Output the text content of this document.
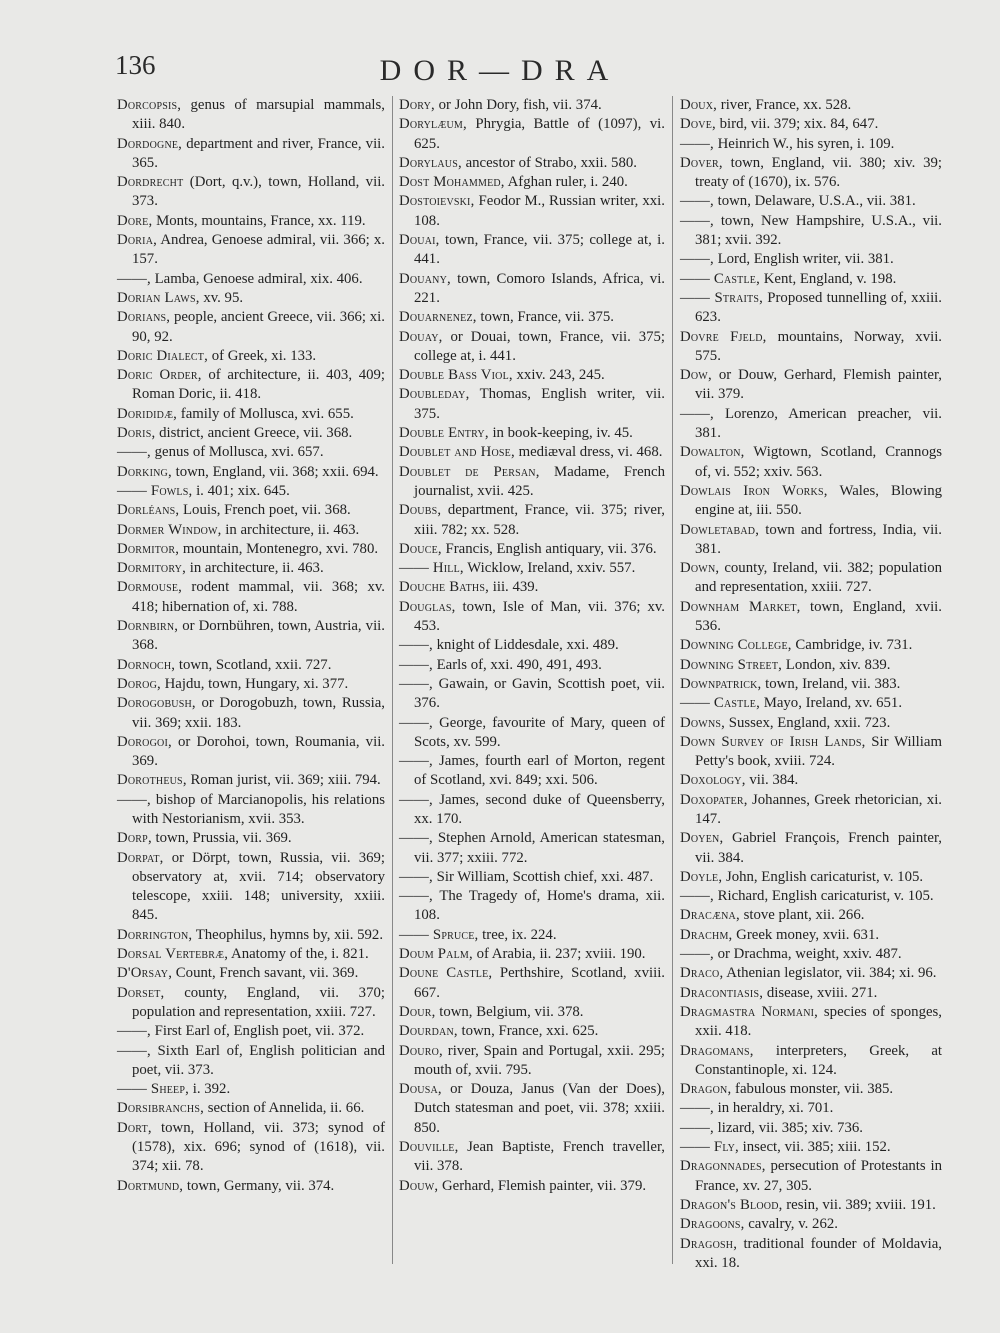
136	DOR—DRA

Dorcopsis, genus of marsupial mammals, xiii. 840.

Dordogne, department and river, France, vii. 365.

Dordrecht (Dort, q.v.), town, Holland, vii. 373.

Dore, Monts, mountains, France, xx. 119.

Doria, Andrea, Genoese admiral, vii. 366; x. 157.

——, Lamba, Genoese admiral, xix. 406.

Dorian Laws, xv. 95.

Dorians, people, ancient Greece, vii. 366; xi. 90, 92.

Doric Dialect, of Greek, xi. 133.

Doric Order, of architecture, ii. 403, 409; Roman Doric, ii. 418.

Dorididæ, family of Mollusca, xvi. 655.

Doris, district, ancient Greece, vii. 368.

——, genus of Mollusca, xvi. 657.

Dorking, town, England, vii. 368; xxii. 694.

—— Fowls, i. 401; xix. 645.

Dorléans, Louis, French poet, vii. 368.

Dormer Window, in architecture, ii. 463.

Dormitor, mountain, Montenegro, xvi. 780.

Dormitory, in architecture, ii. 463.

Dormouse, rodent mammal, vii. 368; xv. 418; hibernation of, xi. 788.

Dornbirn, or Dornbühren, town, Austria, vii. 368.

Dornoch, town, Scotland, xxii. 727.

Dorog, Hajdu, town, Hungary, xi. 377.

Dorogobush, or Dorogobuzh, town, Russia, vii. 369; xxii. 183.

Dorogoi, or Dorohoi, town, Roumania, vii. 369.

Dorotheus, Roman jurist, vii. 369; xiii. 794.

——, bishop of Marcianopolis, his relations with Nestorianism, xvii. 353.

Dorp, town, Prussia, vii. 369.

Dorpat, or Dörpt, town, Russia, vii. 369; observatory at, xvii. 714; observatory telescope, xxiii. 148; university, xxiii. 845.

Dorrington, Theophilus, hymns by, xii. 592.

Dorsal Vertebræ, Anatomy of the, i. 821.

D'Orsay, Count, French savant, vii. 369.

Dorset, county, England, vii. 370; population and representation, xxiii. 727.

——, First Earl of, English poet, vii. 372.

——, Sixth Earl of, English politician and poet, vii. 373.

—— Sheep, i. 392.

Dorsibranchs, section of Annelida, ii. 66.

Dort, town, Holland, vii. 373; synod of (1578), xix. 696; synod of (1618), vii. 374; xii. 78.

Dortmund, town, Germany, vii. 374.

Dory, or John Dory, fish, vii. 374.

Dorylæum, Phrygia, Battle of (1097), vi. 625.

Dorylaus, ancestor of Strabo, xxii. 580.

Dost Mohammed, Afghan ruler, i. 240.

Dostoievski, Feodor M., Russian writer, xxi. 108.

Douai, town, France, vii. 375; college at, i. 441.

Douany, town, Comoro Islands, Africa, vi. 221.

Douarnenez, town, France, vii. 375.

Douay, or Douai, town, France, vii. 375; college at, i. 441.

Double Bass Viol, xxiv. 243, 245.

Doubleday, Thomas, English writer, vii. 375.

Double Entry, in book-keeping, iv. 45.

Doublet and Hose, mediæval dress, vi. 468.

Doublet de Persan, Madame, French journalist, xvii. 425.

Doubs, department, France, vii. 375; river, xiii. 782; xx. 528.

Douce, Francis, English antiquary, vii. 376.

—— Hill, Wicklow, Ireland, xxiv. 557.

Douche Baths, iii. 439.

Douglas, town, Isle of Man, vii. 376; xv. 453.

——, knight of Liddesdale, xxi. 489.

——, Earls of, xxi. 490, 491, 493.

——, Gawain, or Gavin, Scottish poet, vii. 376.

——, George, favourite of Mary, queen of Scots, xv. 599.

——, James, fourth earl of Morton, regent of Scotland, xvi. 849; xxi. 506.

——, James, second duke of Queensberry, xx. 170.

——, Stephen Arnold, American statesman, vii. 377; xxiii. 772.

——, Sir William, Scottish chief, xxi. 487.

——, The Tragedy of, Home's drama, xii. 108.

—— Spruce, tree, ix. 224.

Doum Palm, of Arabia, ii. 237; xviii. 190.

Doune Castle, Perthshire, Scotland, xviii. 667.

Dour, town, Belgium, vii. 378.

Dourdan, town, France, xxi. 625.

Douro, river, Spain and Portugal, xxii. 295; mouth of, xvii. 795.

Dousa, or Douza, Janus (Van der Does), Dutch statesman and poet, vii. 378; xxiii. 850.

Douville, Jean Baptiste, French traveller, vii. 378.

Douw, Gerhard, Flemish painter, vii. 379.

Doux, river, France, xx. 528.

Dove, bird, vii. 379; xix. 84, 647.

——, Heinrich W., his syren, i. 109.

Dover, town, England, vii. 380; xiv. 39; treaty of (1670), ix. 576.

——, town, Delaware, U.S.A., vii. 381.

——, town, New Hampshire, U.S.A., vii. 381; xvii. 392.

——, Lord, English writer, vii. 381.

—— Castle, Kent, England, v. 198.

—— Straits, Proposed tunnelling of, xxiii. 623.

Dovre Fjeld, mountains, Norway, xvii. 575.

Dow, or Douw, Gerhard, Flemish painter, vii. 379.

——, Lorenzo, American preacher, vii. 381.

Dowalton, Wigtown, Scotland, Crannogs of, vi. 552; xxiv. 563.

Dowlais Iron Works, Wales, Blowing engine at, iii. 550.

Dowletabad, town and fortress, India, vii. 381.

Down, county, Ireland, vii. 382; population and representation, xxiii. 727.

Downham Market, town, England, xvii. 536.

Downing College, Cambridge, iv. 731.

Downing Street, London, xiv. 839.

Downpatrick, town, Ireland, vii. 383.

—— Castle, Mayo, Ireland, xv. 651.

Downs, Sussex, England, xxii. 723.

Down Survey of Irish Lands, Sir William Petty's book, xviii. 724.

Doxology, vii. 384.

Doxopater, Johannes, Greek rhetorician, xi. 147.

Doyen, Gabriel François, French painter, vii. 384.

Doyle, John, English caricaturist, v. 105.

——, Richard, English caricaturist, v. 105.

Dracæna, stove plant, xii. 266.

Drachm, Greek money, xvii. 631.

——, or Drachma, weight, xxiv. 487.

Draco, Athenian legislator, vii. 384; xi. 96.

Dracontiasis, disease, xviii. 271.

Dragmastra Normani, species of sponges, xxii. 418.

Dragomans, interpreters, Greek, at Constantinople, xi. 124.

Dragon, fabulous monster, vii. 385.

——, in heraldry, xi. 701.

——, lizard, vii. 385; xiv. 736.

—— Fly, insect, vii. 385; xiii. 152.

Dragonnades, persecution of Protestants in France, xv. 27, 305.

Dragon's Blood, resin, vii. 389; xviii. 191.

Dragoons, cavalry, v. 262.

Dragosh, traditional founder of Moldavia, xxi. 18.
